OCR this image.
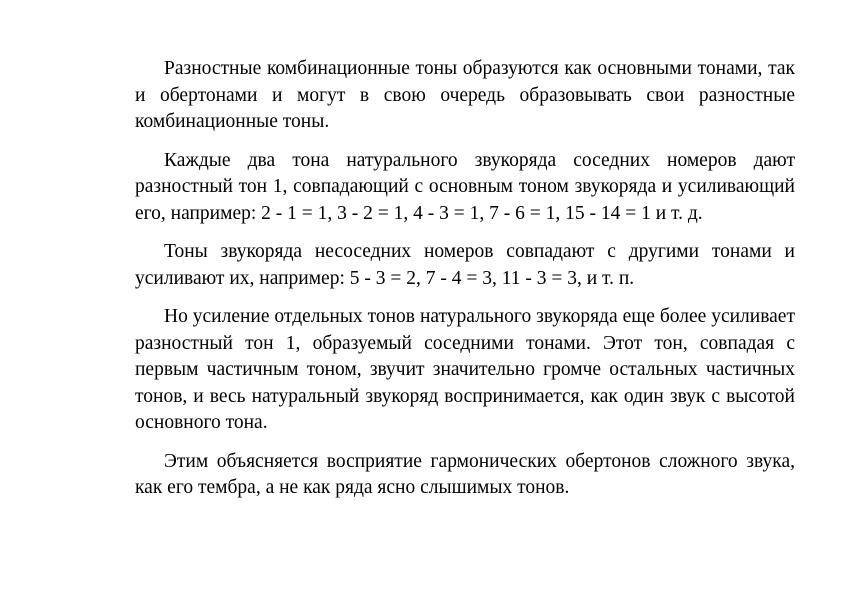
Разностные комбинационные тоны образуются как основными тонами, так и обертонами и могут в свою очередь образовывать свои разностные комбинационные тоны.

Каждые два тона натурального звукоряда соседних номеров дают разностный тон 1, совпадающий с основным тоном звукоряда и усиливающий его, например: 2 - 1 = 1, 3 - 2 = 1, 4 - 3 = 1, 7 - 6 = 1, 15 - 14 = 1 и т. д.

Тоны звукоряда несоседних номеров совпадают с другими тонами и усиливают их, например: 5 - 3 = 2, 7 - 4 = 3, 11 - 3 = 3, и т. п.

Но усиление отдельных тонов натурального звукоряда еще более усиливает разностный тон 1, образуемый соседними тонами. Этот тон, совпадая с первым частичным тоном, звучит значительно громче остальных частичных тонов, и весь натуральный звукоряд воспринимается, как один звук с высотой основного тона.

Этим объясняется восприятие гармонических обертонов сложного звука, как его тембра, а не как ряда ясно слышимых тонов.
